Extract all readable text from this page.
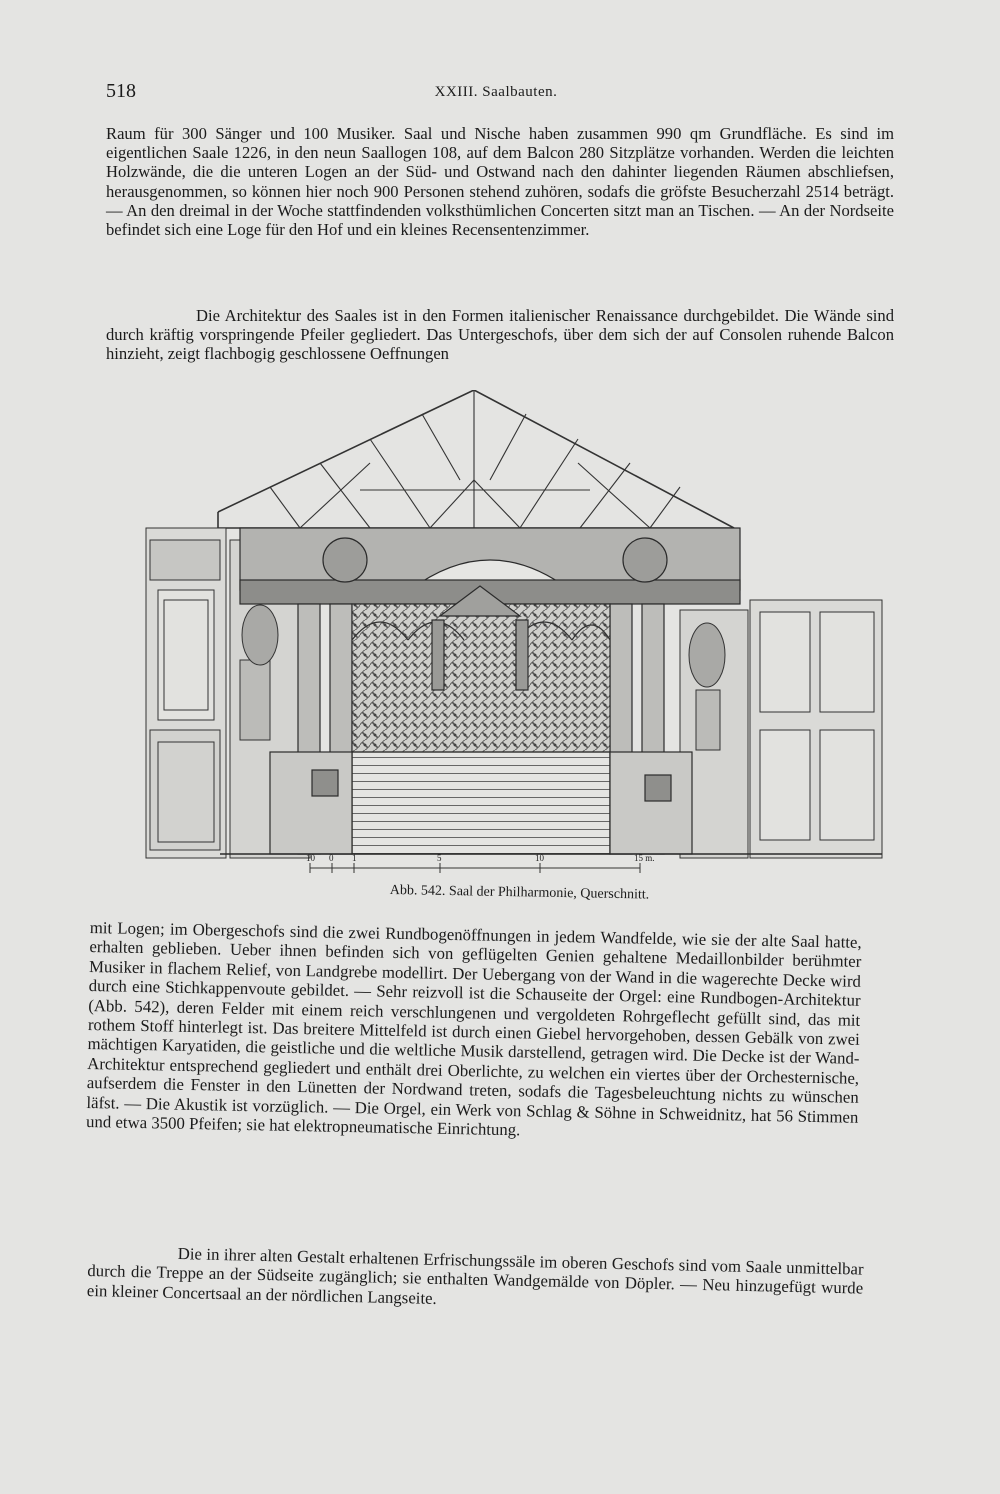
518	XXIII. Saalbauten.

Raum für 300 Sänger und 100 Musiker. Saal und Nische haben zusammen 990 qm Grundfläche. Es sind im eigentlichen Saale 1226, in den neun Saallogen 108, auf dem Balcon 280 Sitzplätze vorhanden. Werden die leichten Holzwände, die die unteren Logen an der Süd- und Ostwand nach den dahinter liegenden Räumen abschliefsen, herausgenommen, so können hier noch 900 Personen stehend zuhören, sodafs die gröfste Besucherzahl 2514 beträgt. — An den dreimal in der Woche stattfindenden volksthümlichen Concerten sitzt man an Tischen. — An der Nordseite befindet sich eine Loge für den Hof und ein kleines Recensentenzimmer.

Die Architektur des Saales ist in den Formen italienischer Renaissance durchgebildet. Die Wände sind durch kräftig vorspringende Pfeiler gegliedert. Das Untergeschofs, über dem sich der auf Consolen ruhende Balcon hinzieht, zeigt flachbogig geschlossene Oeffnungen

10 0 1	5	10	15 m.
Abb. 542. Saal der Philharmonie, Querschnitt.

mit Logen; im Obergeschofs sind die zwei Rundbogenöffnungen in jedem Wandfelde, wie sie der alte Saal hatte, erhalten geblieben. Ueber ihnen befinden sich von geflügelten Genien gehaltene Medaillonbilder berühmter Musiker in flachem Relief, von Landgrebe modellirt. Der Uebergang von der Wand in die wagerechte Decke wird durch eine Stichkappenvoute gebildet. — Sehr reizvoll ist die Schauseite der Orgel: eine Rundbogen-Architektur (Abb. 542), deren Felder mit einem reich verschlungenen und vergoldeten Rohrgeflecht gefüllt sind, das mit rothem Stoff hinterlegt ist. Das breitere Mittelfeld ist durch einen Giebel hervorgehoben, dessen Gebälk von zwei mächtigen Karyatiden, die geistliche und die weltliche Musik darstellend, getragen wird. Die Decke ist der Wand-Architektur entsprechend gegliedert und enthält drei Oberlichte, zu welchen ein viertes über der Orchesternische, aufserdem die Fenster in den Lünetten der Nordwand treten, sodafs die Tagesbeleuchtung nichts zu wünschen läfst. — Die Akustik ist vorzüglich. — Die Orgel, ein Werk von Schlag & Söhne in Schweidnitz, hat 56 Stimmen und etwa 3500 Pfeifen; sie hat elektropneumatische Einrichtung.

Die in ihrer alten Gestalt erhaltenen Erfrischungssäle im oberen Geschofs sind vom Saale unmittelbar durch die Treppe an der Südseite zugänglich; sie enthalten Wandgemälde von Döpler. — Neu hinzugefügt wurde ein kleiner Concertsaal an der nördlichen Langseite.
